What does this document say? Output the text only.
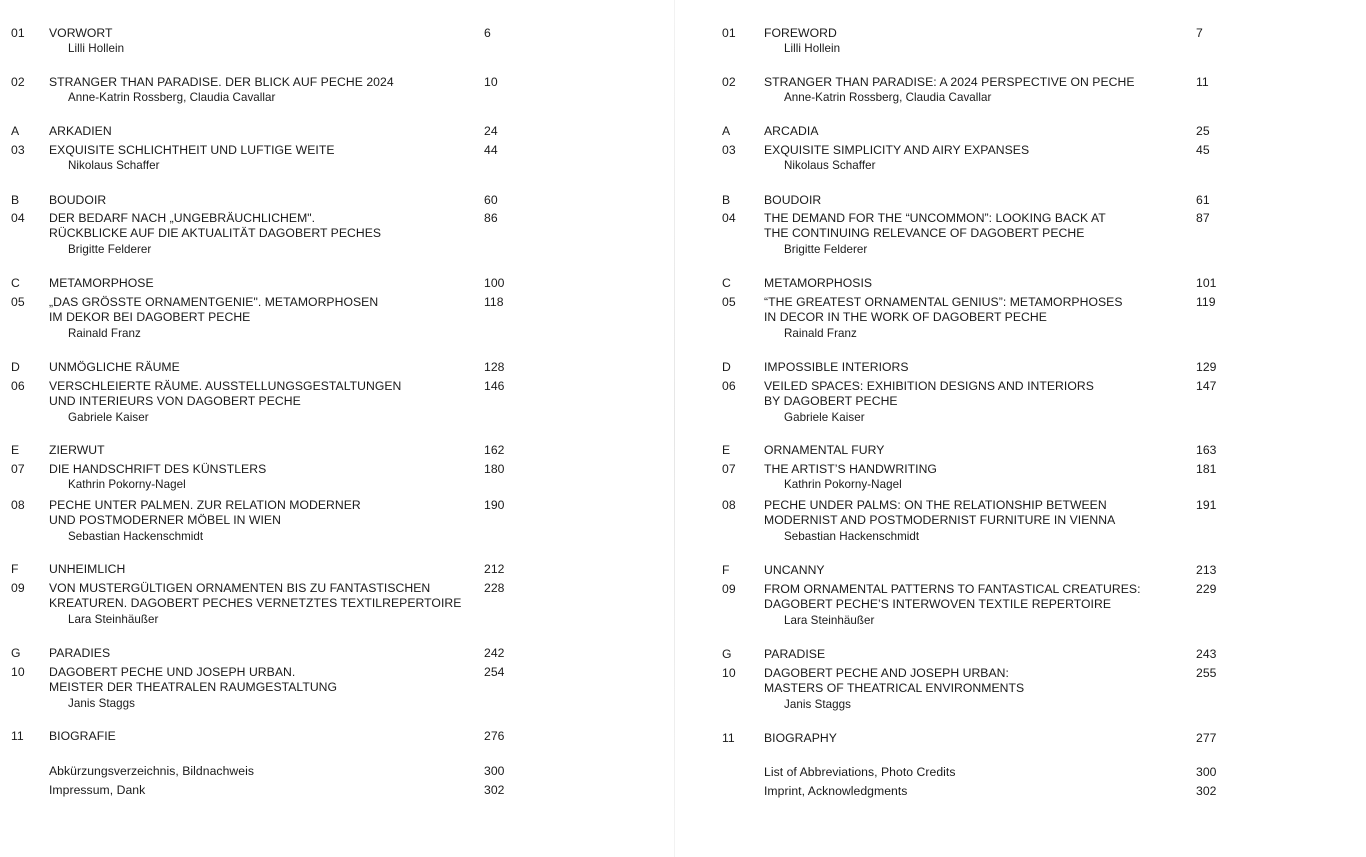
01 VORWORT	6
Lilli Hollein
02 STRANGER THAN PARADISE. DER BLICK AUF PECHE 2024	10
Anne-Katrin Rossberg, Claudia Cavallar
A ARKADIEN	24
03 EXQUISITE SCHLICHTHEIT UND LUFTIGE WEITE	44
Nikolaus Schaffer
B BOUDOIR	60
04 DER BEDARF NACH „UNGEBRÄUCHLICHEM".	86
RÜCKBLICKE AUF DIE AKTUALITÄT DAGOBERT PECHES
Brigitte Felderer
C METAMORPHOSE	100
05 „DAS GRÖSSTE ORNAMENTGENIE". METAMORPHOSEN	118
IM DEKOR BEI DAGOBERT PECHE
Rainald Franz
D UNMÖGLICHE RÄUME	128
06 VERSCHLEIERTE RÄUME. AUSSTELLUNGSGESTALTUNGEN	146
UND INTERIEURS VON DAGOBERT PECHE
Gabriele Kaiser
E ZIERWUT	162
07 DIE HANDSCHRIFT DES KÜNSTLERS	180
Kathrin Pokorny-Nagel
08 PECHE UNTER PALMEN. ZUR RELATION MODERNER	190
UND POSTMODERNER MÖBEL IN WIEN
Sebastian Hackenschmidt
F	UNHEIMLICH	212
09 VON MUSTERGÜLTIGEN ORNAMENTEN BIS ZU FANTASTISCHEN	228
KREATUREN. DAGOBERT PECHES VERNETZTES TEXTILREPERTOIRE
Lara Steinhäußer
G PARADIES	242
10 DAGOBERT PECHE UND JOSEPH URBAN.	254
MEISTER DER THEATRALEN RAUMGESTALTUNG
Janis Staggs
11 BIOGRAFIE	276
Abkürzungsverzeichnis, Bildnachweis	300
Impressum, Dank	302
01 FOREWORD	7
Lilli Hollein
02 STRANGER THAN PARADISE: A 2024 PERSPECTIVE ON PECHE	11
Anne-Katrin Rossberg, Claudia Cavallar
A	ARCADIA	25
03 EXQUISITE SIMPLICITY AND AIRY EXPANSES	45
Nikolaus Schaffer
B	BOUDOIR	61
04 THE DEMAND FOR THE “UNCOMMON”: LOOKING BACK AT	87
THE CONTINUING RELEVANCE OF DAGOBERT PECHE
Brigitte Felderer
C	METAMORPHOSIS	101
05 “THE GREATEST ORNAMENTAL GENIUS”: METAMORPHOSES	119
IN DECOR IN THE WORK OF DAGOBERT PECHE
Rainald Franz
D	IMPOSSIBLE INTERIORS	129
06 VEILED SPACES: EXHIBITION DESIGNS AND INTERIORS	147
BY DAGOBERT PECHE
Gabriele Kaiser
E	ORNAMENTAL FURY	163
07 THE ARTIST’S HANDWRITING	181
Kathrin Pokorny-Nagel
08 PECHE UNDER PALMS: ON THE RELATIONSHIP BETWEEN	191
MODERNIST AND POSTMODERNIST FURNITURE IN VIENNA
Sebastian Hackenschmidt
F	UNCANNY	213
09 FROM ORNAMENTAL PATTERNS TO FANTASTICAL CREATURES:	229
DAGOBERT PECHE’S INTERWOVEN TEXTILE REPERTOIRE
Lara Steinhäußer
G	PARADISE	243
10 DAGOBERT PECHE AND JOSEPH URBAN:	255
MASTERS OF THEATRICAL ENVIRONMENTS
Janis Staggs
11 BIOGRAPHY	277
List of Abbreviations, Photo Credits	300
Imprint, Acknowledgments	302
